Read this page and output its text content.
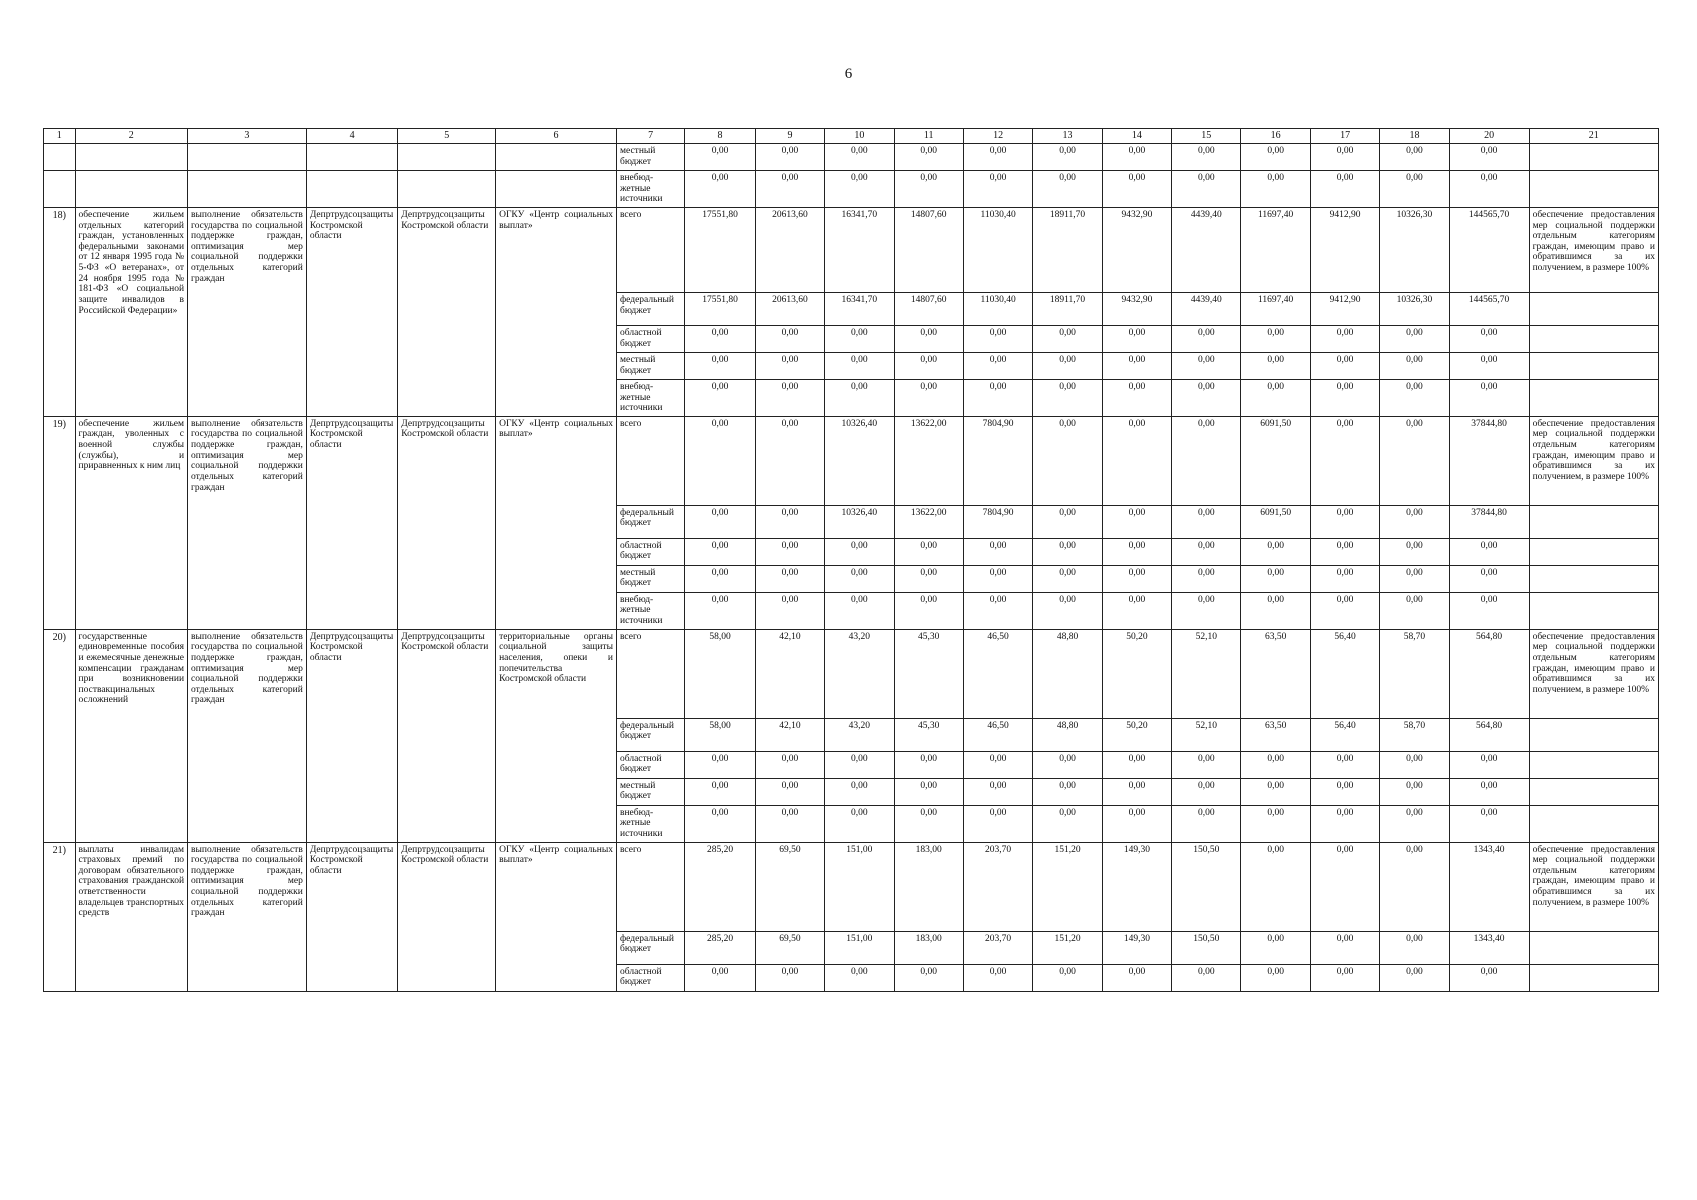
6
1	2	3	4	5	6	7	8	9	10	11	12	13	14	15	16	17	18	20	21
						местный бюджет	0,00	0,00	0,00	0,00	0,00	0,00	0,00	0,00	0,00	0,00	0,00	0,00	
						внебюд-жетные источники	0,00	0,00	0,00	0,00	0,00	0,00	0,00	0,00	0,00	0,00	0,00	0,00	
18)	обеспечение жильем отдельных категорий граждан, установленных федеральными законами от 12 января 1995 года № 5-ФЗ «О ветеранах», от 24 ноября 1995 года № 181-ФЗ «О социальной защите инвалидов в Российской Федерации»	выполнение обязательств государства по социальной поддержке граждан, оптимизация мер социальной поддержки отдельных категорий граждан	Депртрудсоцзащиты Костромской области	Депртрудсоцзащиты Костромской области	ОГКУ «Центр социальных выплат»	всего	17551,80	20613,60	16341,70	14807,60	11030,40	18911,70	9432,90	4439,40	11697,40	9412,90	10326,30	144565,70	обеспечение предоставления мер социальной поддержки отдельным категориям граждан, имеющим право и обратившимся за их получением, в размере 100%
						федеральный бюджет	17551,80	20613,60	16341,70	14807,60	11030,40	18911,70	9432,90	4439,40	11697,40	9412,90	10326,30	144565,70	
						областной бюджет	0,00	0,00	0,00	0,00	0,00	0,00	0,00	0,00	0,00	0,00	0,00	0,00	
						местный бюджет	0,00	0,00	0,00	0,00	0,00	0,00	0,00	0,00	0,00	0,00	0,00	0,00	
						внебюд-жетные источники	0,00	0,00	0,00	0,00	0,00	0,00	0,00	0,00	0,00	0,00	0,00	0,00	
19)	обеспечение жильем граждан, уволенных с военной службы (службы), и приравненных к ним лиц	выполнение обязательств государства по социальной поддержке граждан, оптимизация мер социальной поддержки отдельных категорий граждан	Депртрудсоцзащиты Костромской области	Депртрудсоцзащиты Костромской области	ОГКУ «Центр социальных выплат»	всего	0,00	0,00	10326,40	13622,00	7804,90	0,00	0,00	0,00	6091,50	0,00	0,00	37844,80	обеспечение предоставления мер социальной поддержки отдельным категориям граждан, имеющим право и обратившимся за их получением, в размере 100%
						федеральный бюджет	0,00	0,00	10326,40	13622,00	7804,90	0,00	0,00	0,00	6091,50	0,00	0,00	37844,80	
						областной бюджет	0,00	0,00	0,00	0,00	0,00	0,00	0,00	0,00	0,00	0,00	0,00	0,00	
						местный бюджет	0,00	0,00	0,00	0,00	0,00	0,00	0,00	0,00	0,00	0,00	0,00	0,00	
						внебюд-жетные источники	0,00	0,00	0,00	0,00	0,00	0,00	0,00	0,00	0,00	0,00	0,00	0,00	
20)	государственные единовременные пособия и ежемесячные денежные компенсации гражданам при возникновении поствакцинальных осложнений	выполнение обязательств государства по социальной поддержке граждан, оптимизация мер социальной поддержки отдельных категорий граждан	Депртрудсоцзащиты Костромской области	Депртрудсоцзащиты Костромской области	территориальные органы социальной защиты населения, опеки и попечительства Костромской области	всего	58,00	42,10	43,20	45,30	46,50	48,80	50,20	52,10	63,50	56,40	58,70	564,80	обеспечение предоставления мер социальной поддержки отдельным категориям граждан, имеющим право и обратившимся за их получением, в размере 100%
						федеральный бюджет	58,00	42,10	43,20	45,30	46,50	48,80	50,20	52,10	63,50	56,40	58,70	564,80	
						областной бюджет	0,00	0,00	0,00	0,00	0,00	0,00	0,00	0,00	0,00	0,00	0,00	0,00	
						местный бюджет	0,00	0,00	0,00	0,00	0,00	0,00	0,00	0,00	0,00	0,00	0,00	0,00	
						внебюд-жетные источники	0,00	0,00	0,00	0,00	0,00	0,00	0,00	0,00	0,00	0,00	0,00	0,00	
21)	выплаты инвалидам страховых премий по договорам обязательного страхования гражданской ответственности владельцев транспортных средств	выполнение обязательств государства по социальной поддержке граждан, оптимизация мер социальной поддержки отдельных категорий граждан	Депртрудсоцзащиты Костромской области	Депртрудсоцзащиты Костромской области	ОГКУ «Центр социальных выплат»	всего	285,20	69,50	151,00	183,00	203,70	151,20	149,30	150,50	0,00	0,00	0,00	1343,40	обеспечение предоставления мер социальной поддержки отдельным категориям граждан, имеющим право и обратившимся за их получением, в размере 100%
						федеральный бюджет	285,20	69,50	151,00	183,00	203,70	151,20	149,30	150,50	0,00	0,00	0,00	1343,40	
						областной бюджет	0,00	0,00	0,00	0,00	0,00	0,00	0,00	0,00	0,00	0,00	0,00	0,00	
